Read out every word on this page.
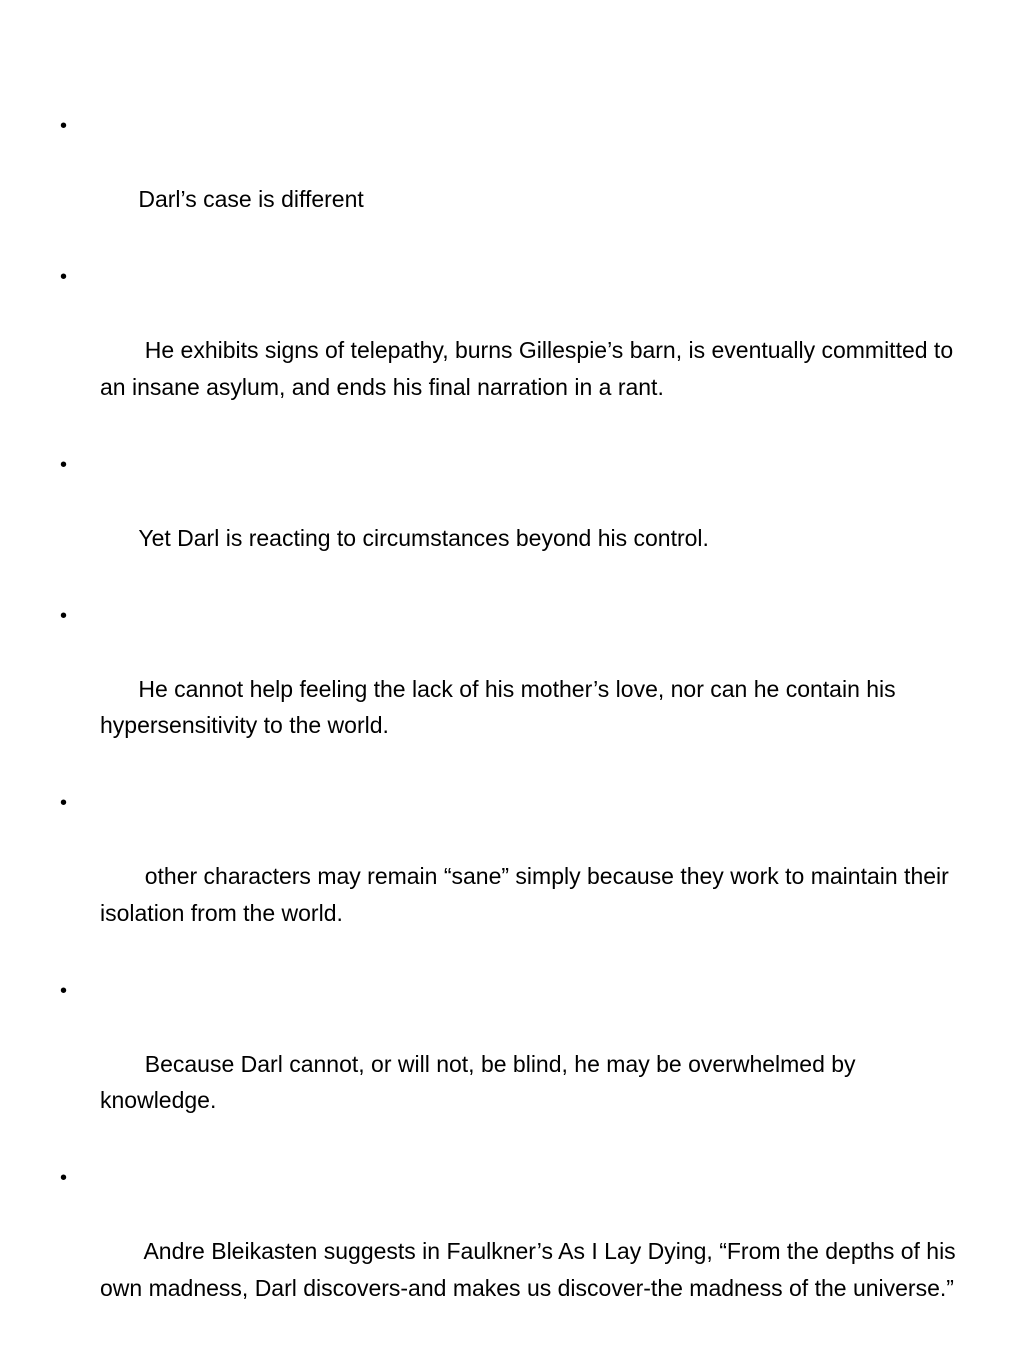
•

Darl’s case is different

•

He exhibits signs of telepathy, burns Gillespie’s barn, is eventually committed to an insane asylum, and ends his final narration in a rant.

•

Yet Darl is reacting to circumstances beyond his control.

•

He cannot help feeling the lack of his mother’s love, nor can he contain his hypersensitivity to the world.

•

other characters may remain “sane” simply because they work to maintain their isolation from the world.

•

Because Darl cannot, or will not, be blind, he may be overwhelmed by knowledge.

•

Andre Bleikasten suggests in Faulkner’s As I Lay Dying, “From the depths of his own madness, Darl discovers-and makes us discover-the madness of the universe.”
